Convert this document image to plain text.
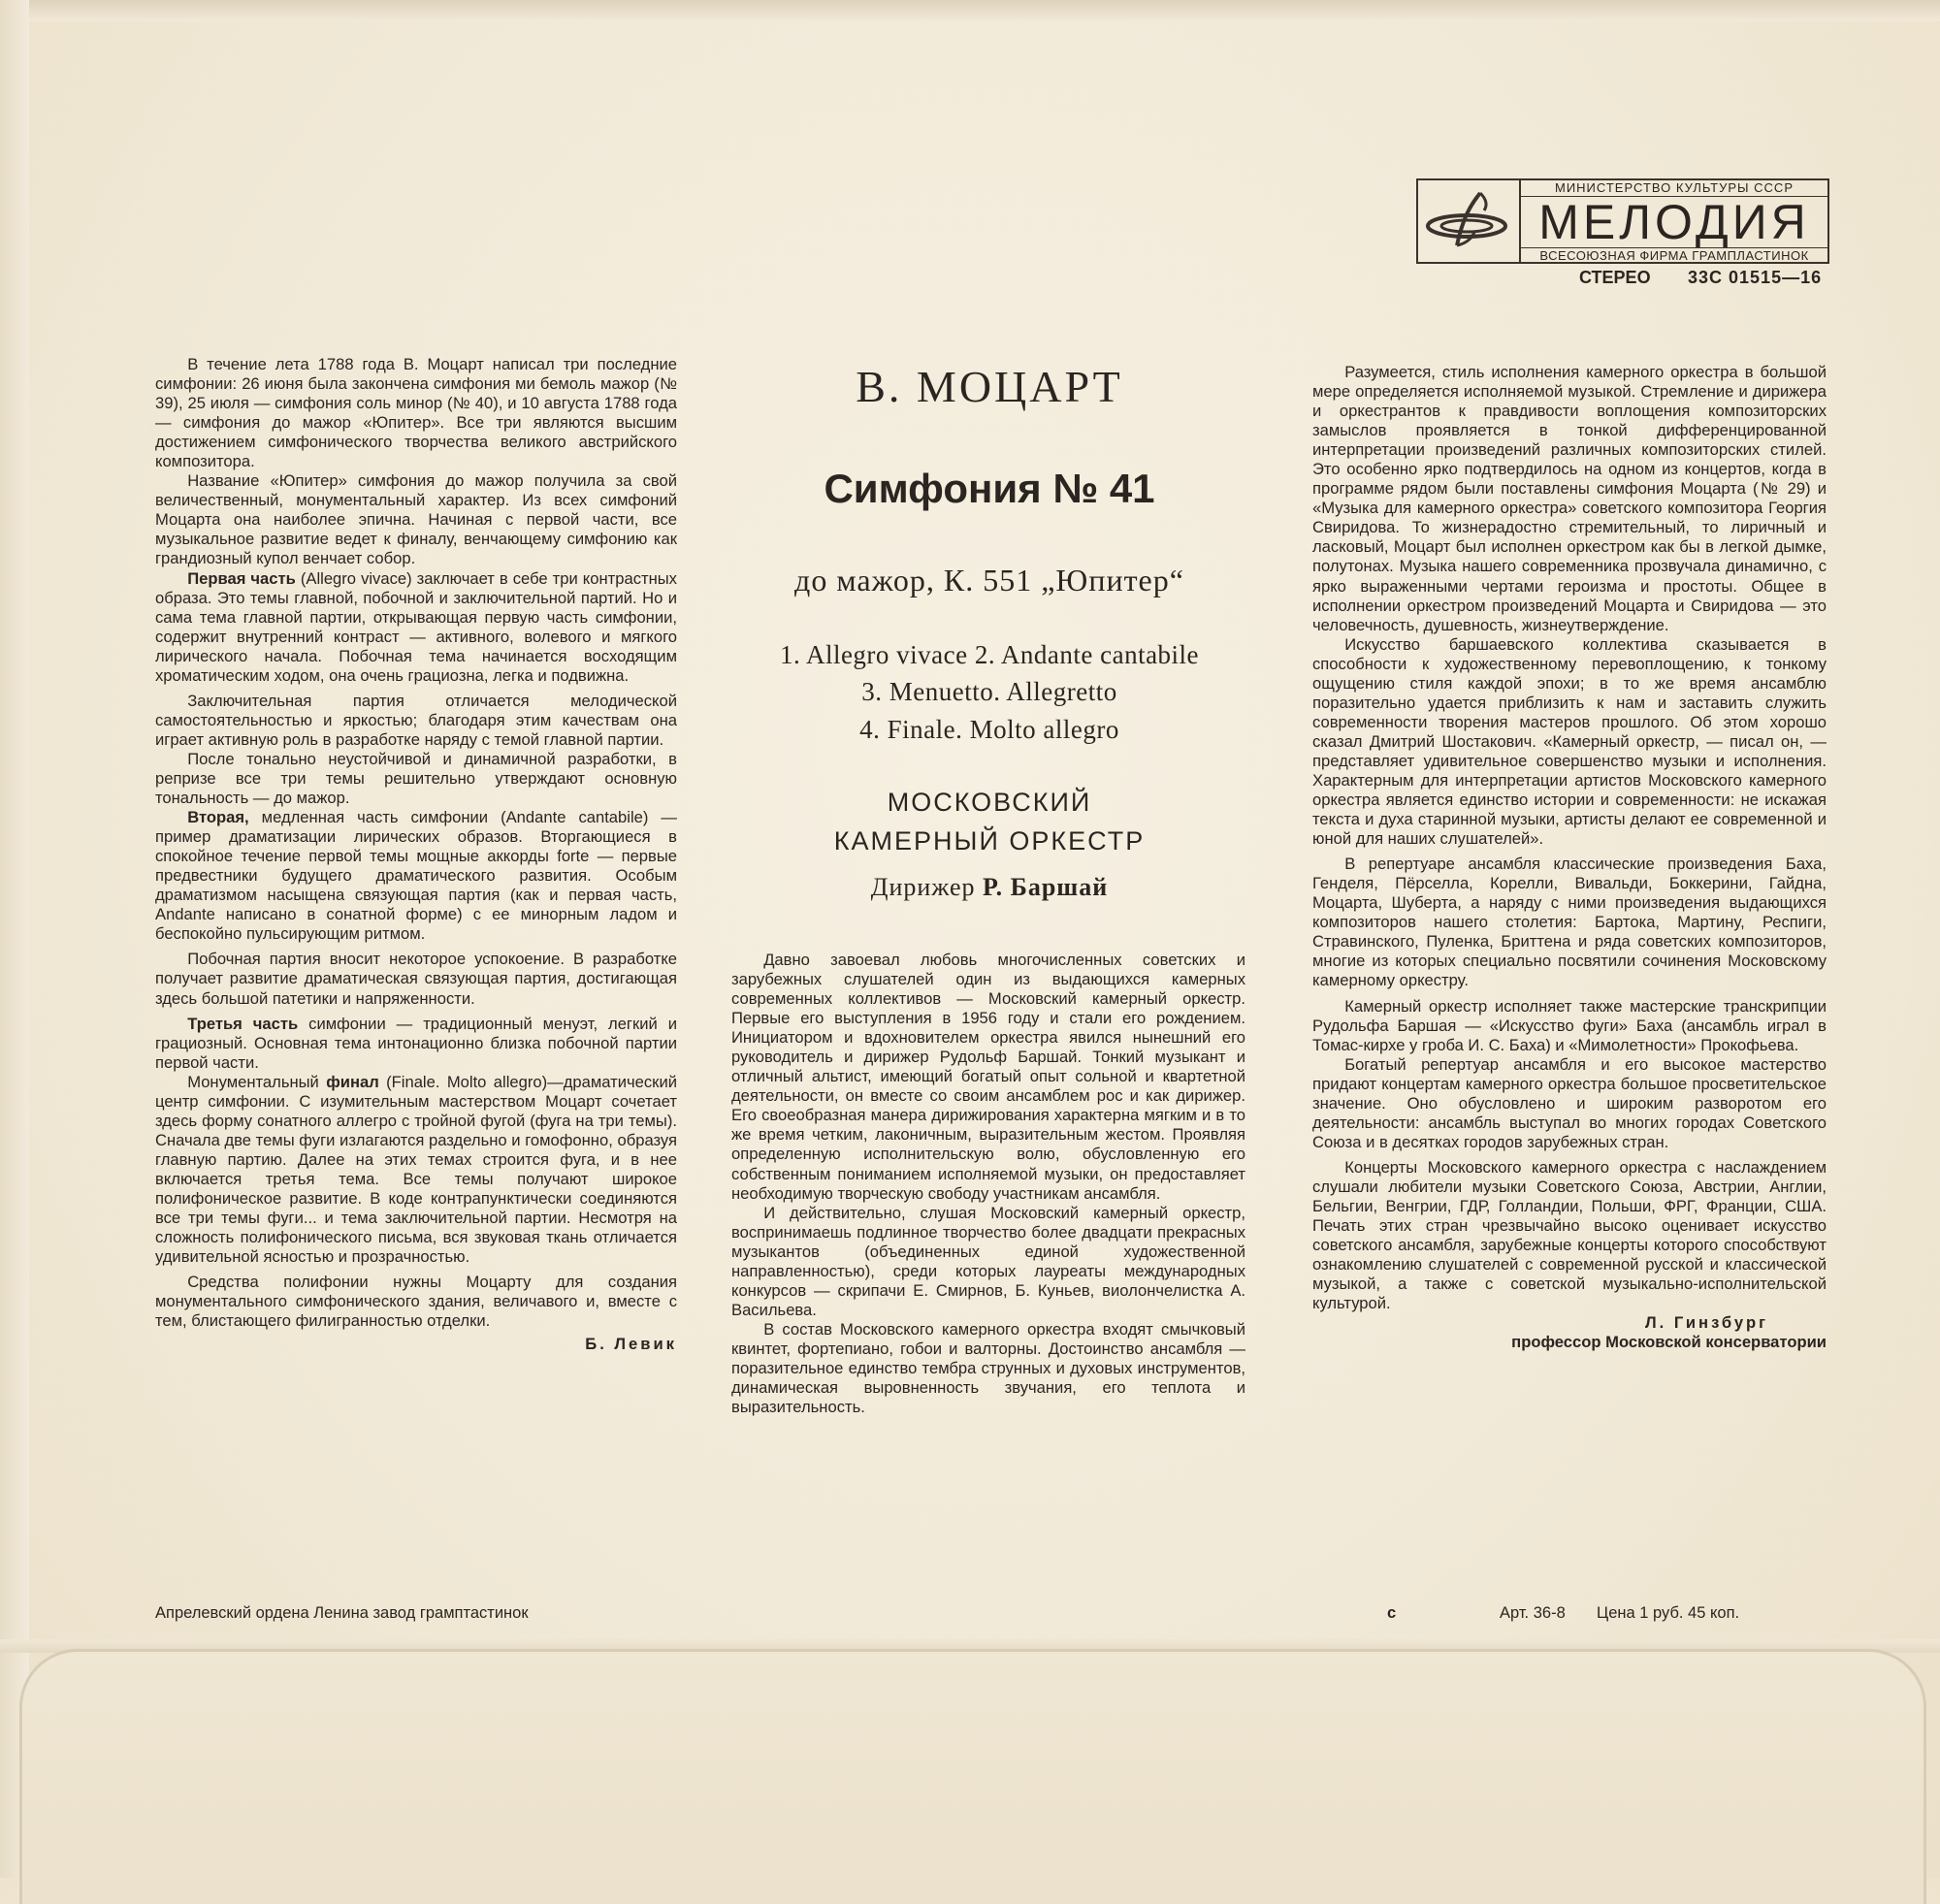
МИНИСТЕРСТВО КУЛЬТУРЫ СССР
МЕЛОДИЯ
ВСЕСОЮЗНАЯ ФИРМА ГРАМПЛАСТИНОК
СТЕРЕО 33С 01515—16
В. МОЦАРТ
Симфония № 41
до мажор, К. 551 „Юпитер“
1. Allegro vivace 2. Andante cantabile
3. Menuetto. Allegretto
4. Finale. Molto allegro
МОСКОВСКИЙ
КАМЕРНЫЙ ОРКЕСТР
Дирижер Р. Баршай

В течение лета 1788 года В. Моцарт написал три последние симфонии: 26 июня была закончена симфония ми бемоль мажор (№ 39), 25 июля — симфония соль минор (№ 40), и 10 августа 1788 года — симфония до мажор «Юпитер». Все три являются высшим достижением симфонического творчества великого австрийского композитора.

Название «Юпитер» симфония до мажор получила за свой величественный, монументальный характер. Из всех симфоний Моцарта она наиболее эпична. Начиная с первой части, все музыкальное развитие ведет к финалу, венчающему симфонию как грандиозный купол венчает собор.

Первая часть (Allegro vivace) заключает в себе три контрастных образа. Это темы главной, побочной и заключительной партий. Но и сама тема главной партии, открывающая первую часть симфонии, содержит внутренний контраст — активного, волевого и мягкого лирического начала. Побочная тема начинается восходящим хроматическим ходом, она очень грациозна, легка и подвижна.

Заключительная партия отличается мелодической самостоятельностью и яркостью; благодаря этим качествам она играет активную роль в разработке наряду с темой главной партии.

После тонально неустойчивой и динамичной разработки, в репризе все три темы решительно утверждают основную тональность — до мажор.

Вторая, медленная часть симфонии (Andante cantabile) — пример драматизации лирических образов. Вторгающиеся в спокойное течение первой темы мощные аккорды forte — первые предвестники будущего драматического развития. Особым драматизмом насыщена связующая партия (как и первая часть, Andante написано в сонатной форме) с ее минорным ладом и беспокойно пульсирующим ритмом.

Побочная партия вносит некоторое успокоение. В разработке получает развитие драматическая связующая партия, достигающая здесь большой патетики и напряженности.

Третья часть симфонии — традиционный менуэт, легкий и грациозный. Основная тема интонационно близка побочной партии первой части.

Монументальный финал (Finale. Molto allegro)—драматический центр симфонии. С изумительным мастерством Моцарт сочетает здесь форму сонатного аллегро с тройной фугой (фуга на три темы). Сначала две темы фуги излагаются раздельно и гомофонно, образуя главную партию. Далее на этих темах строится фуга, и в нее включается третья тема. Все темы получают широкое полифоническое развитие. В коде контрапунктически соединяются все три темы фуги... и тема заключительной партии. Несмотря на сложность полифонического письма, вся звуковая ткань отличается удивительной ясностью и прозрачностью.

Средства полифонии нужны Моцарту для создания монументального симфонического здания, величавого и, вместе с тем, блистающего филигранностью отделки.

Б. Левик

Давно завоевал любовь многочисленных советских и зарубежных слушателей один из выдающихся камерных современных коллективов — Московский камерный оркестр. Первые его выступления в 1956 году и стали его рождением. Инициатором и вдохновителем оркестра явился нынешний его руководитель и дирижер Рудольф Баршай. Тонкий музыкант и отличный альтист, имеющий богатый опыт сольной и квартетной деятельности, он вместе со своим ансамблем рос и как дирижер. Его своеобразная манера дирижирования характерна мягким и в то же время четким, лаконичным, выразительным жестом. Проявляя определенную исполнительскую волю, обусловленную его собственным пониманием исполняемой музыки, он предоставляет необходимую творческую свободу участникам ансамбля.

И действительно, слушая Московский камерный оркестр, воспринимаешь подлинное творчество более двадцати прекрасных музыкантов (объединенных единой художественной направленностью), среди которых лауреаты международных конкурсов — скрипачи Е. Смирнов, Б. Куньев, виолончелистка А. Васильева.

В состав Московского камерного оркестра входят смычковый квинтет, фортепиано, гобои и валторны. Достоинство ансамбля — поразительное единство тембра струнных и духовых инструментов, динамическая выровненность звучания, его теплота и выразительность.

Разумеется, стиль исполнения камерного оркестра в большой мере определяется исполняемой музыкой. Стремление и дирижера и оркестрантов к правдивости воплощения композиторских замыслов проявляется в тонкой дифференцированной интерпретации произведений различных композиторских стилей. Это особенно ярко подтвердилось на одном из концертов, когда в программе рядом были поставлены симфония Моцарта (№ 29) и «Музыка для камерного оркестра» советского композитора Георгия Свиридова. То жизнерадостно стремительный, то лиричный и ласковый, Моцарт был исполнен оркестром как бы в легкой дымке, полутонах. Музыка нашего современника прозвучала динамично, с ярко выраженными чертами героизма и простоты. Общее в исполнении оркестром произведений Моцарта и Свиридова — это человечность, душевность, жизнеутверждение.

Искусство баршаевского коллектива сказывается в способности к художественному перевоплощению, к тонкому ощущению стиля каждой эпохи; в то же время ансамблю поразительно удается приблизить к нам и заставить служить современности творения мастеров прошлого. Об этом хорошо сказал Дмитрий Шостакович. «Камерный оркестр, — писал он, — представляет удивительное совершенство музыки и исполнения. Характерным для интерпретации артистов Московского камерного оркестра является единство истории и современности: не искажая текста и духа старинной музыки, артисты делают ее современной и юной для наших слушателей».

В репертуаре ансамбля классические произведения Баха, Генделя, Пёрселла, Корелли, Вивальди, Боккерини, Гайдна, Моцарта, Шуберта, а наряду с ними произведения выдающихся композиторов нашего столетия: Бартока, Мартину, Респиги, Стравинского, Пуленка, Бриттена и ряда советских композиторов, многие из которых специально посвятили сочинения Московскому камерному оркестру.

Камерный оркестр исполняет также мастерские транскрипции Рудольфа Баршая — «Искусство фуги» Баха (ансамбль играл в Томас-кирхе у гроба И. С. Баха) и «Мимолетности» Прокофьева.

Богатый репертуар ансамбля и его высокое мастерство придают концертам камерного оркестра большое просветительское значение. Оно обусловлено и широким разворотом его деятельности: ансамбль выступал во многих городах Советского Союза и в десятках городов зарубежных стран.

Концерты Московского камерного оркестра с наслаждением слушали любители музыки Советского Союза, Австрии, Англии, Бельгии, Венгрии, ГДР, Голландии, Польши, ФРГ, Франции, США. Печать этих стран чрезвычайно высоко оценивает искусство советского ансамбля, зарубежные концерты которого способствуют ознакомлению слушателей с современной русской и классической музыкой, а также с советской музыкально-исполнительской культурой.

Л. Гинзбург
профессор Московской консерватории
Апрелевский ордена Ленина завод грамптастинок	с	Арт. 36-8 Цена 1 руб. 45 коп.
